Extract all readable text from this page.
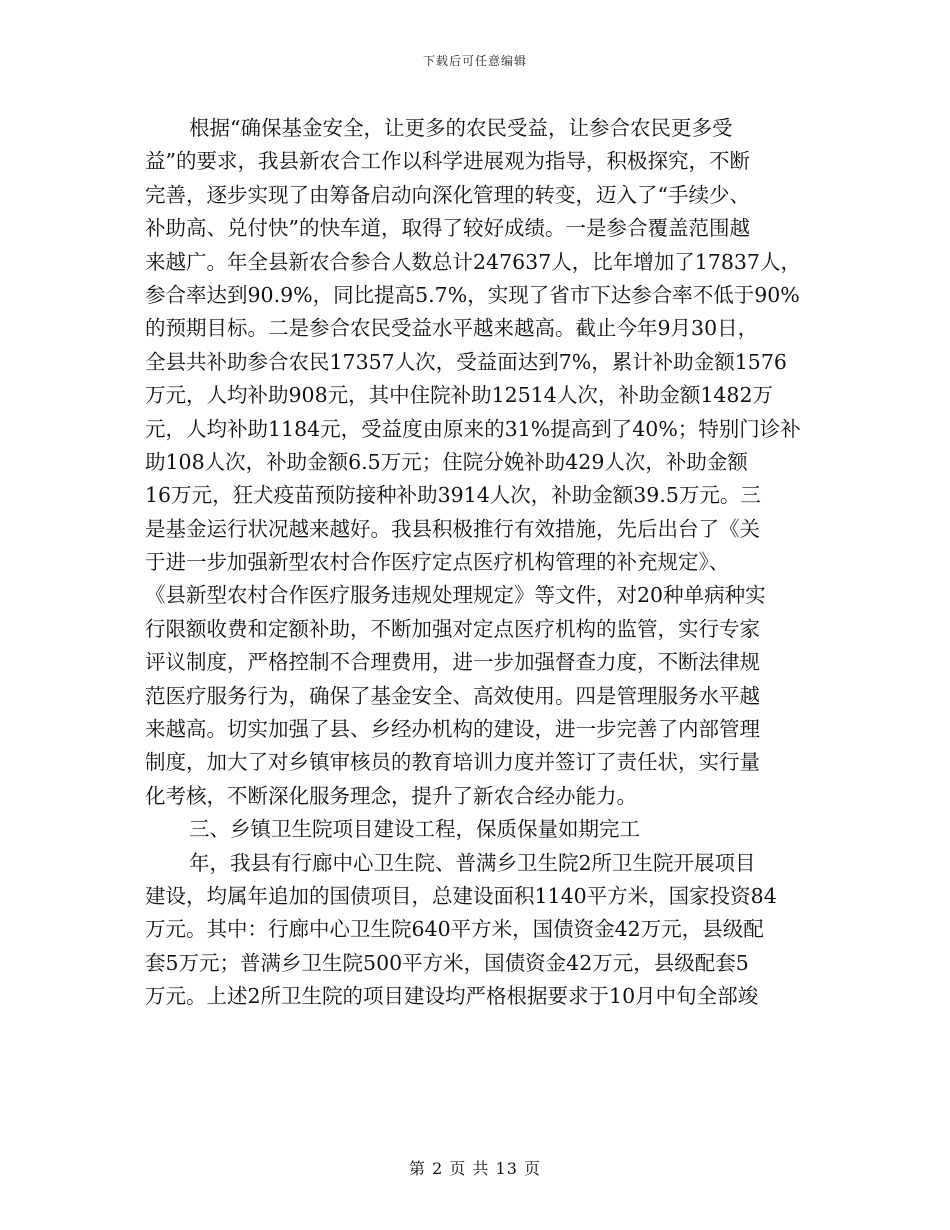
下载后可任意编辑
根据“确保基金安全，让更多的农民受益，让参合农民更多受
益”的要求，我县新农合工作以科学进展观为指导，积极探究，不断
完善，逐步实现了由筹备启动向深化管理的转变，迈入了“手续少、
补助高、兑付快”的快车道，取得了较好成绩。一是参合覆盖范围越
来越广。年全县新农合参合人数总计247637人，比年增加了17837人，
参合率达到90.9%，同比提高5.7%，实现了省市下达参合率不低于90%
的预期目标。二是参合农民受益水平越来越高。截止今年9月30日，
全县共补助参合农民17357人次，受益面达到7%，累计补助金额1576
万元，人均补助908元，其中住院补助12514人次，补助金额1482万
元，人均补助1184元，受益度由原来的31%提高到了40%；特别门诊补
助108人次，补助金额6.5万元；住院分娩补助429人次，补助金额
16万元，狂犬疫苗预防接种补助3914人次，补助金额39.5万元。三
是基金运行状况越来越好。我县积极推行有效措施，先后出台了《关
于进一步加强新型农村合作医疗定点医疗机构管理的补充规定》、
《县新型农村合作医疗服务违规处理规定》等文件，对20种单病种实
行限额收费和定额补助，不断加强对定点医疗机构的监管，实行专家
评议制度，严格控制不合理费用，进一步加强督查力度，不断法律规
范医疗服务行为，确保了基金安全、高效使用。四是管理服务水平越
来越高。切实加强了县、乡经办机构的建设，进一步完善了内部管理
制度，加大了对乡镇审核员的教育培训力度并签订了责任状，实行量
化考核，不断深化服务理念，提升了新农合经办能力。
三、乡镇卫生院项目建设工程，保质保量如期完工
年，我县有行廊中心卫生院、普满乡卫生院2所卫生院开展项目
建设，均属年追加的国债项目，总建设面积1140平方米，国家投资84
万元。其中：行廊中心卫生院640平方米，国债资金42万元，县级配
套5万元；普满乡卫生院500平方米，国债资金42万元，县级配套5
万元。上述2所卫生院的项目建设均严格根据要求于10月中旬全部竣
第 2 页 共 13 页
